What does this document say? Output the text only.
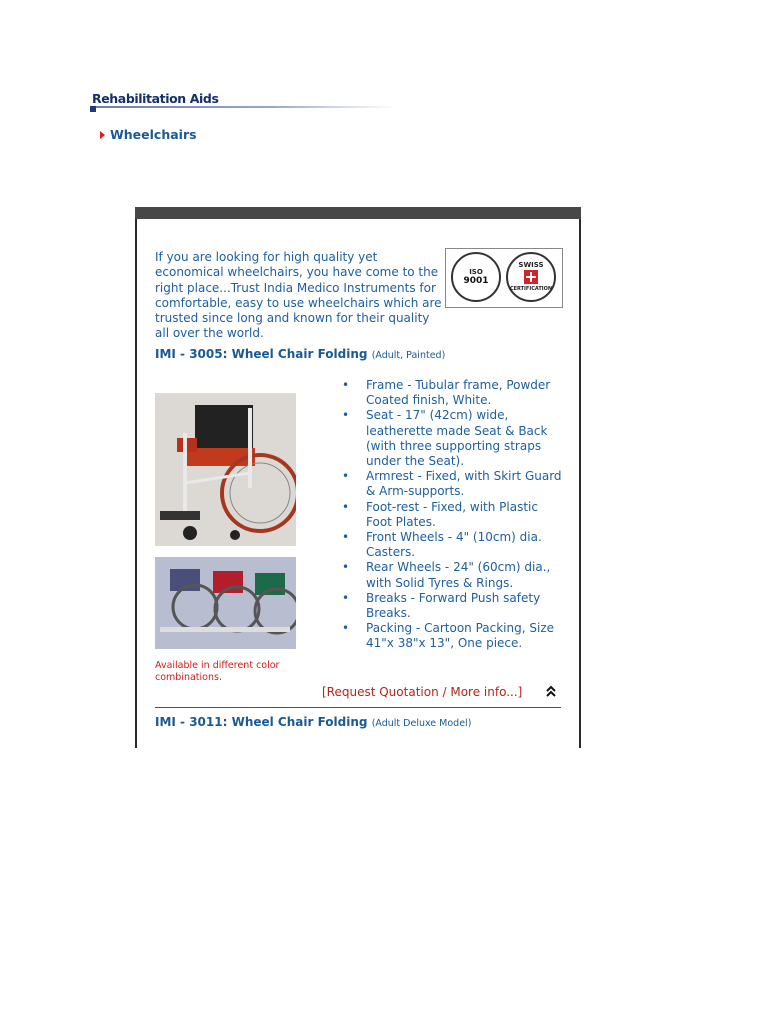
Rehabilitation Aids
Wheelchairs
If you are looking for high quality yet economical wheelchairs, you have come to the right place...Trust India Medico Instruments for comfortable, easy to use wheelchairs which are trusted since long and known for their quality all over the world.
ISO
9001
SWISS
CERTIFICATION
IMI - 3005: Wheel Chair Folding (Adult, Painted)
Available in different color combinations.
• Frame - Tubular frame, Powder Coated finish, White.
• Seat - 17" (42cm) wide, leatherette made Seat & Back (with three supporting straps under the Seat).
• Armrest - Fixed, with Skirt Guard & Arm-supports.
• Foot-rest - Fixed, with Plastic Foot Plates.
• Front Wheels - 4" (10cm) dia. Casters.
• Rear Wheels - 24" (60cm) dia., with Solid Tyres & Rings.
• Breaks - Forward Push safety Breaks.
• Packing - Cartoon Packing, Size 41"x 38"x 13", One piece.
[Request Quotation / More info...]
IMI - 3011: Wheel Chair Folding (Adult Deluxe Model)
